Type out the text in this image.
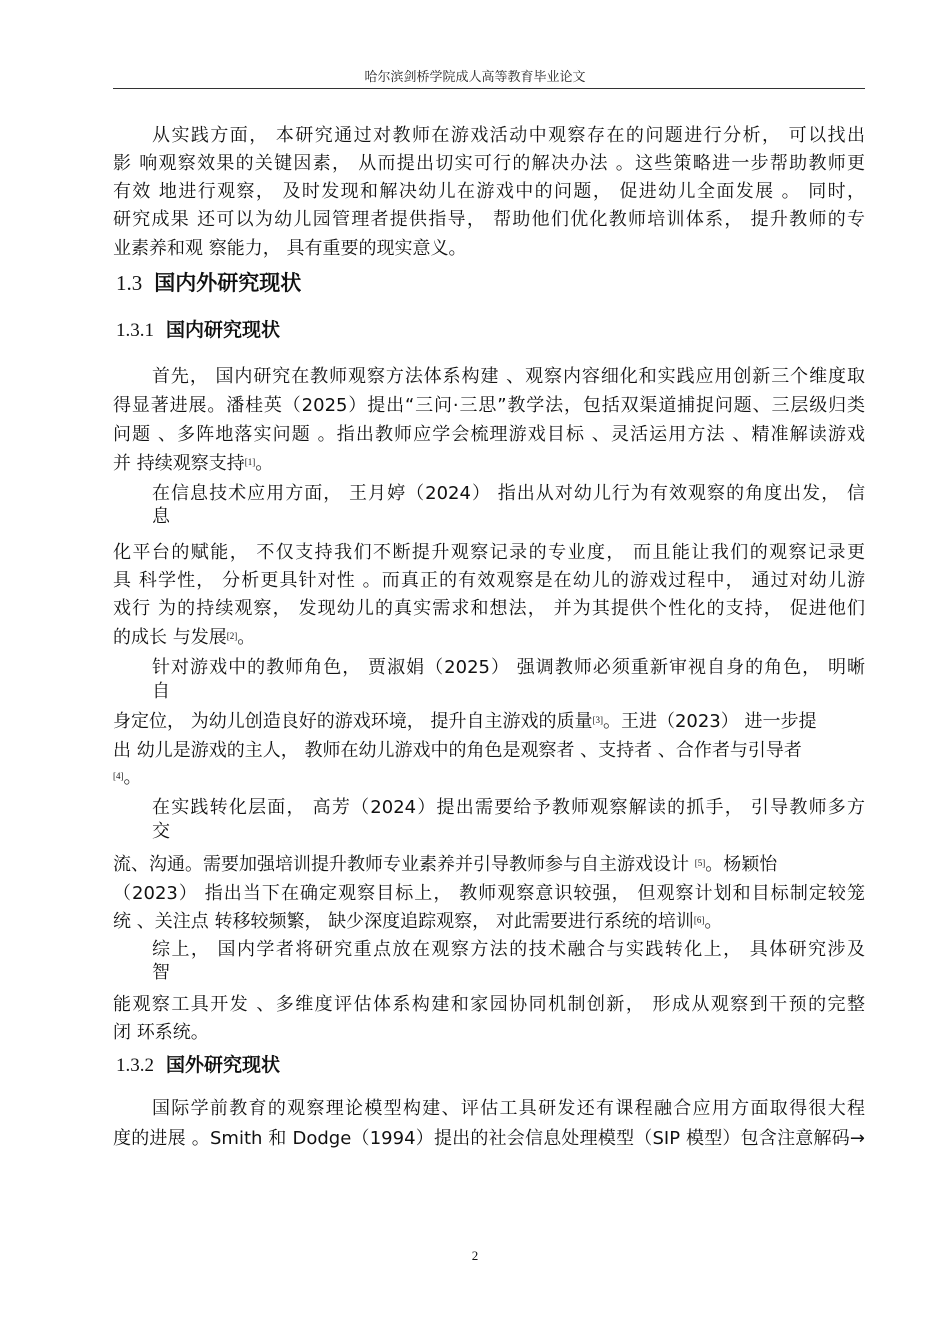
哈尔滨剑桥学院成人高等教育毕业论文
从实践方面， 本研究通过对教师在游戏活动中观察存在的问题进行分析， 可以找出
影 响观察效果的关键因素， 从而提出切实可行的解决办法 。这些策略进一步帮助教师更
有效 地进行观察， 及时发现和解决幼儿在游戏中的问题， 促进幼儿全面发展 。 同时，
研究成果 还可以为幼儿园管理者提供指导， 帮助他们优化教师培训体系， 提升教师的专
业素养和观 察能力， 具有重要的现实意义。
1.3 国内外研究现状
1.3.1 国内研究现状
首先， 国内研究在教师观察方法体系构建 、观察内容细化和实践应用创新三个维度取
得显著进展。潘桂英（2025）提出“三问·三思”教学法，包括双渠道捕捉问题、三层级归类
问题 、多阵地落实问题 。指出教师应学会梳理游戏目标 、灵活运用方法 、精准解读游戏
并 持续观察支持[1]。
在信息技术应用方面， 王月婷（2024） 指出从对幼儿行为有效观察的角度出发， 信
息
化平台的赋能， 不仅支持我们不断提升观察记录的专业度， 而且能让我们的观察记录更
具 科学性， 分析更具针对性 。而真正的有效观察是在幼儿的游戏过程中， 通过对幼儿游
戏行 为的持续观察， 发现幼儿的真实需求和想法， 并为其提供个性化的支持， 促进他们
的成长 与发展[2]。
针对游戏中的教师角色， 贾淑娟（2025） 强调教师必须重新审视自身的角色， 明晰
自
身定位， 为幼儿创造良好的游戏环境， 提升自主游戏的质量[3]。王进（2023） 进一步提
出 幼儿是游戏的主人， 教师在幼儿游戏中的角色是观察者 、支持者 、合作者与引导者
[4]。
在实践转化层面， 高芳（2024）提出需要给予教师观察解读的抓手， 引导教师多方
交
流、沟通。需要加强培训提升教师专业素养并引导教师参与自主游戏设计 [5]。杨颖怡
（2023） 指出当下在确定观察目标上， 教师观察意识较强， 但观察计划和目标制定较笼
统 、关注点 转移较频繁， 缺少深度追踪观察， 对此需要进行系统的培训[6]。
综上， 国内学者将研究重点放在观察方法的技术融合与实践转化上， 具体研究涉及
智
能观察工具开发 、多维度评估体系构建和家园协同机制创新， 形成从观察到干预的完整
闭 环系统。
1.3.2 国外研究现状
国际学前教育的观察理论模型构建、评估工具研发还有课程融合应用方面取得很大程
度的进展 。Smith 和 Dodge（1994）提出的社会信息处理模型（SIP 模型）包含注意解码→
2
